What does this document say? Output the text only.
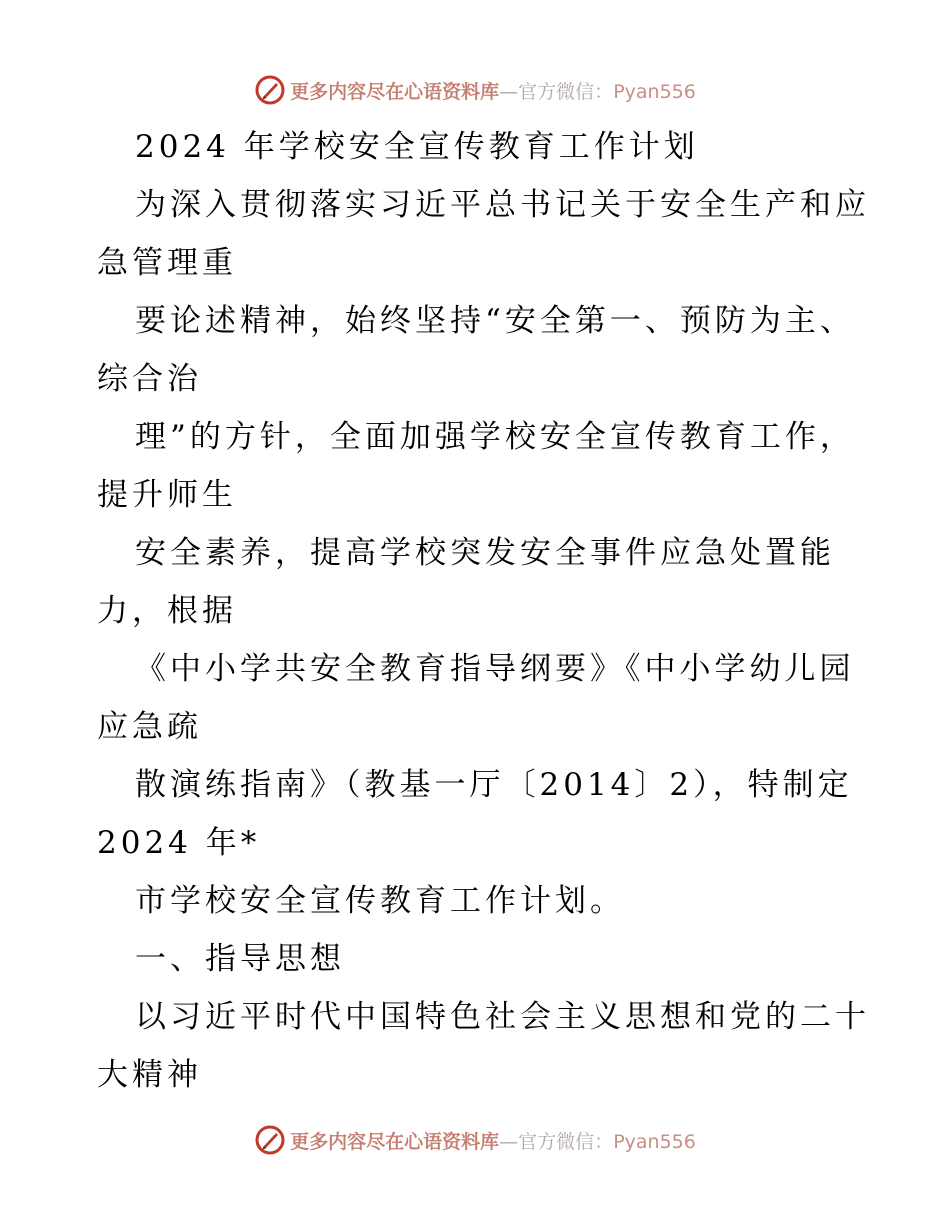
更多内容尽在心语资料库—官方微信：Pyan556
2024 年学校安全宣传教育工作计划
为深入贯彻落实习近平总书记关于安全生产和应
急管理重
要论述精神，始终坚持“安全第一、预防为主、
综合治
理”的方针，全面加强学校安全宣传教育工作，
提升师生
安全素养，提高学校突发安全事件应急处置能
力，根据
《中小学共安全教育指导纲要》《中小学幼儿园
应急疏
散演练指南》（教基一厅〔2014〕2），特制定
2024 年*
市学校安全宣传教育工作计划。
一、指导思想
以习近平时代中国特色社会主义思想和党的二十
大精神
更多内容尽在心语资料库—官方微信：Pyan556
